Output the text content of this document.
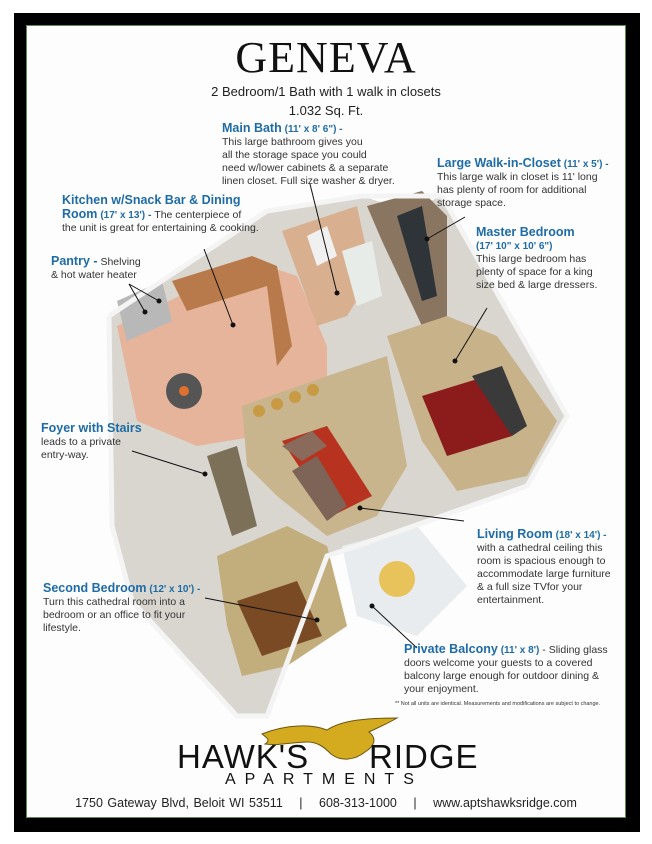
GENEVA
2 Bedroom/1 Bath with 1 walk in closets
1.032 Sq. Ft.
Main Bath (11' x 8' 6") -
This large bathroom gives you
all the storage space you could
need w/lower cabinets & a separate
linen closet. Full size washer & dryer.
Large Walk-in-Closet (11' x 5') -
This large walk in closet is 11' long
has plenty of room for additional
storage space.
Master Bedroom
(17' 10" x 10' 6")
This large bedroom has
plenty of space for a king
size bed & large dressers.
Kitchen w/Snack Bar & Dining
Room (17' x 13') - The centerpiece of
the unit is great for entertaining & cooking.
Pantry - Shelving
& hot water heater
Foyer with Stairs
leads to a private
entry-way.
Living Room (18' x 14') -
with a cathedral ceiling this
room is spacious enough to
accommodate large furniture
& a full size TVfor your
entertainment.
Second Bedroom (12' x 10') -
Turn this cathedral room into a
bedroom or an office to fit your
lifestyle.
Private Balcony (11' x 8') - Sliding glass
doors welcome your guests to a covered
balcony large enough for outdoor dining &
your enjoyment.
** Not all units are identical. Measurements and modifications are subject to change.
HAWK'S RIDGE
APARTMENTS
1750 Gateway Blvd, Beloit WI 53511 | 608-313-1000 | www.aptshawksridge.com
